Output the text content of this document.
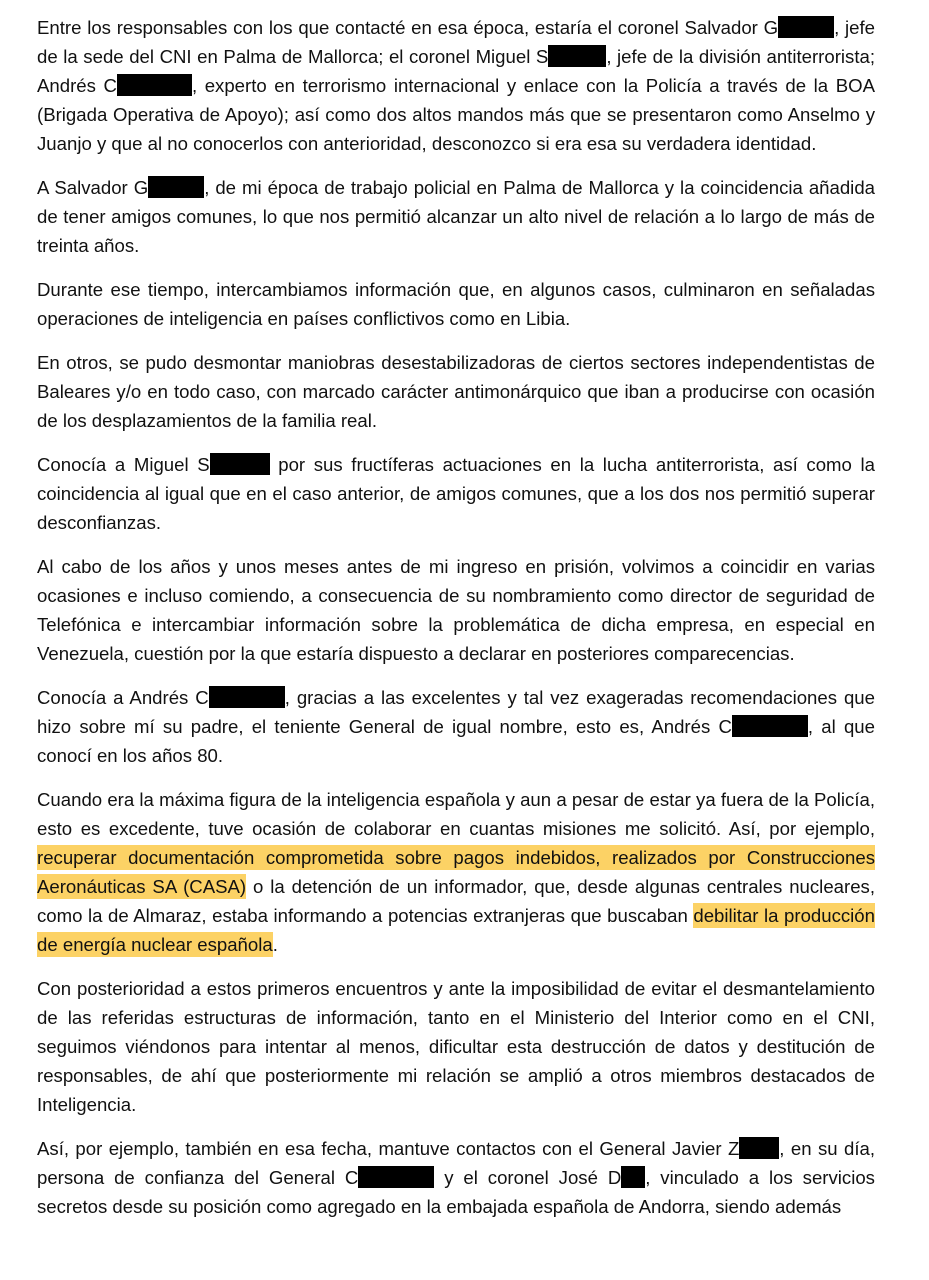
Entre los responsables con los que contacté en esa época, estaría el coronel Salvador G	, jefe de la sede del CNI en Palma de Mallorca; el coronel Miguel S	, jefe de la división antiterrorista; Andrés C	, experto en terrorismo internacional y enlace con la Policía a través de la BOA (Brigada Operativa de Apoyo); así como dos altos mandos más que se presentaron como Anselmo y Juanjo y que al no conocerlos con anterioridad, desconozco si era esa su verdadera identidad.

A Salvador G	, de mi época de trabajo policial en Palma de Mallorca y la coincidencia añadida de tener amigos comunes, lo que nos permitió alcanzar un alto nivel de relación a lo largo de más de treinta años.

Durante ese tiempo, intercambiamos información que, en algunos casos, culminaron en señaladas operaciones de inteligencia en países conflictivos como en Libia.

En otros, se pudo desmontar maniobras desestabilizadoras de ciertos sectores independentistas de Baleares y/o en todo caso, con marcado carácter antimonárquico que iban a producirse con ocasión de los desplazamientos de la familia real.

Conocía a Miguel S	por sus fructíferas actuaciones en la lucha antiterrorista, así como la coincidencia al igual que en el caso anterior, de amigos comunes, que a los dos nos permitió superar desconfianzas.

Al cabo de los años y unos meses antes de mi ingreso en prisión, volvimos a coincidir en varias ocasiones e incluso comiendo, a consecuencia de su nombramiento como director de seguridad de Telefónica e intercambiar información sobre la problemática de dicha empresa, en especial en Venezuela, cuestión por la que estaría dispuesto a declarar en posteriores comparecencias.

Conocía a Andrés C	, gracias a las excelentes y tal vez exageradas recomendaciones que hizo sobre mí su padre, el teniente General de igual nombre, esto es, Andrés C	, al que conocí en los años 80.

Cuando era la máxima figura de la inteligencia española y aun a pesar de estar ya fuera de la Policía, esto es excedente, tuve ocasión de colaborar en cuantas misiones me solicitó. Así, por ejemplo, recuperar documentación comprometida sobre pagos indebidos, realizados por Construcciones Aeronáuticas SA (CASA) o la detención de un informador, que, desde algunas centrales nucleares, como la de Almaraz, estaba informando a potencias extranjeras que buscaban debilitar la producción de energía nuclear española.

Con posterioridad a estos primeros encuentros y ante la imposibilidad de evitar el desmantelamiento de las referidas estructuras de información, tanto en el Ministerio del Interior como en el CNI, seguimos viéndonos para intentar al menos, dificultar esta destrucción de datos y destitución de responsables, de ahí que posteriormente mi relación se amplió a otros miembros destacados de Inteligencia.

Así, por ejemplo, también en esa fecha, mantuve contactos con el General Javier Z , en su día, persona de confianza del General C	y el coronel José D , vinculado a los servicios secretos desde su posición como agregado en la embajada española de Andorra, siendo además
